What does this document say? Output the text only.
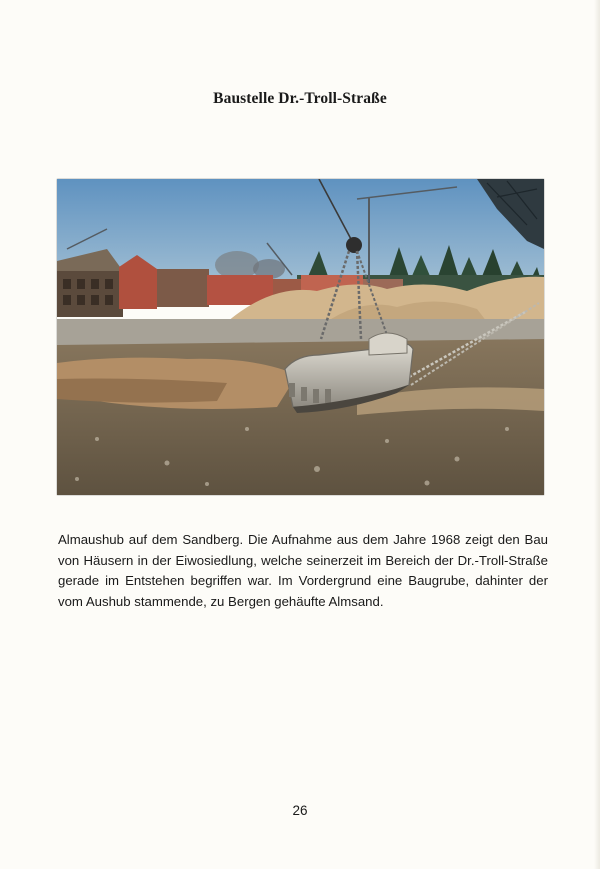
Baustelle Dr.-Troll-Straße
Almaushub auf dem Sandberg. Die Aufnahme aus dem Jahre 1968 zeigt den Bau von Häusern in der Eiwosiedlung, welche seinerzeit im Bereich der Dr.-Troll-Straße gerade im Entstehen begriffen war. Im Vordergrund eine Baugrube, dahinter der vom Aushub stammende, zu Bergen gehäufte Almsand.
26
